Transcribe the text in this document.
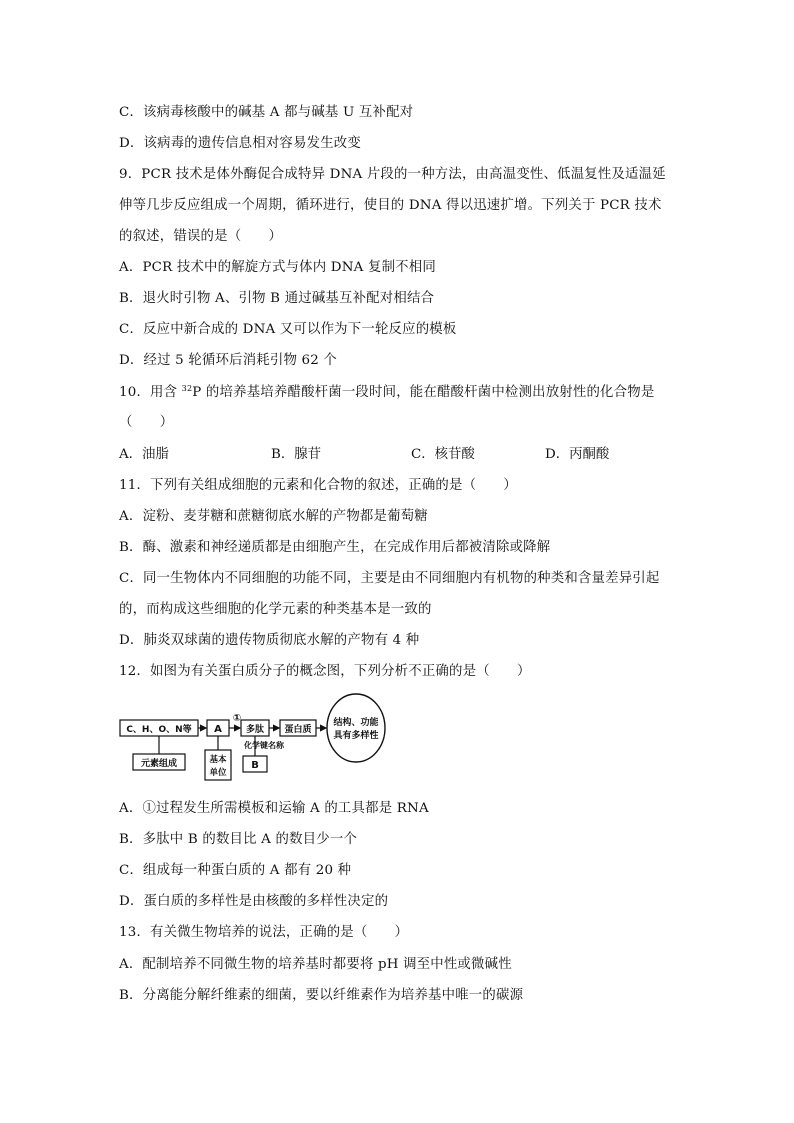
C．该病毒核酸中的碱基 A 都与碱基 U 互补配对
D．该病毒的遗传信息相对容易发生改变
9．PCR 技术是体外酶促合成特异 DNA 片段的一种方法，由高温变性、低温复性及适温延
伸等几步反应组成一个周期，循环进行，使目的 DNA 得以迅速扩增。下列关于 PCR 技术
的叙述，错误的是（　　）
A．PCR 技术中的解旋方式与体内 DNA 复制不相同
B．退火时引物 A、引物 B 通过碱基互补配对相结合
C．反应中新合成的 DNA 又可以作为下一轮反应的模板
D．经过 5 轮循环后消耗引物 62 个
10．用含 $^{32}$P 的培养基培养醋酸杆菌一段时间，能在醋酸杆菌中检测出放射性的化合物是
（　　）
A．油脂	B．腺苷	C．核苷酸	D．丙酮酸
11．下列有关组成细胞的元素和化合物的叙述，正确的是（　　）
A．淀粉、麦芽糖和蔗糖彻底水解的产物都是葡萄糖
B．酶、激素和神经递质都是由细胞产生，在完成作用后都被清除或降解
C．同一生物体内不同细胞的功能不同，主要是由不同细胞内有机物的种类和含量差异引起
的，而构成这些细胞的化学元素的种类基本是一致的
D．肺炎双球菌的遗传物质彻底水解的产物有 4 种
12．如图为有关蛋白质分子的概念图，下列分析不正确的是（　　）
C、H、O、N等 A
①
多肽 蛋白质
结构、功能
具有多样性
元素组成	基本
单位
化学键名称
B
A．①过程发生所需模板和运输 A 的工具都是 RNA
B．多肽中 B 的数目比 A 的数目少一个
C．组成每一种蛋白质的 A 都有 20 种
D．蛋白质的多样性是由核酸的多样性决定的
13．有关微生物培养的说法，正确的是（　　）
A．配制培养不同微生物的培养基时都要将 pH 调至中性或微碱性
B．分离能分解纤维素的细菌，要以纤维素作为培养基中唯一的碳源
